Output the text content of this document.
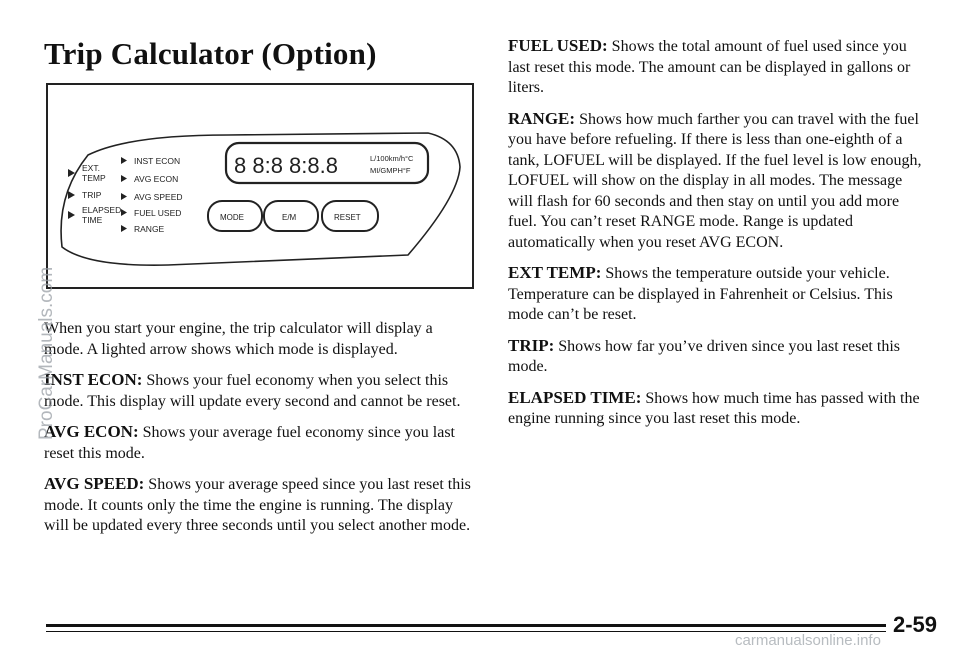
Trip Calculator (Option)
EXT.
TEMP
TRIP
ELAPSED
TIME
INST ECON
AVG ECON
AVG SPEED
FUEL USED
RANGE
8 8:8 8:8.8	L/100km/h°C
MI/GMPH°F
MODE	E/M	RESET

When you start your engine, the trip calculator will display a mode. A lighted arrow shows which mode is displayed.

INST ECON: Shows your fuel economy when you select this mode. This display will update every second and cannot be reset.

AVG ECON: Shows your average fuel economy since you last reset this mode.

AVG SPEED: Shows your average speed since you last reset this mode. It counts only the time the engine is running. The display will be updated every three seconds until you select another mode.

FUEL USED: Shows the total amount of fuel used since you last reset this mode. The amount can be displayed in gallons or liters.

RANGE: Shows how much farther you can travel with the fuel you have before refueling. If there is less than one-eighth of a tank, LOFUEL will be displayed. If the fuel level is low enough, LOFUEL will show on the display in all modes. The message will flash for 60 seconds and then stay on until you add more fuel. You can’t reset RANGE mode. Range is updated automatically when you reset AVG ECON.

EXT TEMP: Shows the temperature outside your vehicle. Temperature can be displayed in Fahrenheit or Celsius. This mode can’t be reset.

TRIP: Shows how far you’ve driven since you last reset this mode.

ELAPSED TIME: Shows how much time has passed with the engine running since you last reset this mode.

2-59
ProCarManuals.com
carmanualsonline.info
